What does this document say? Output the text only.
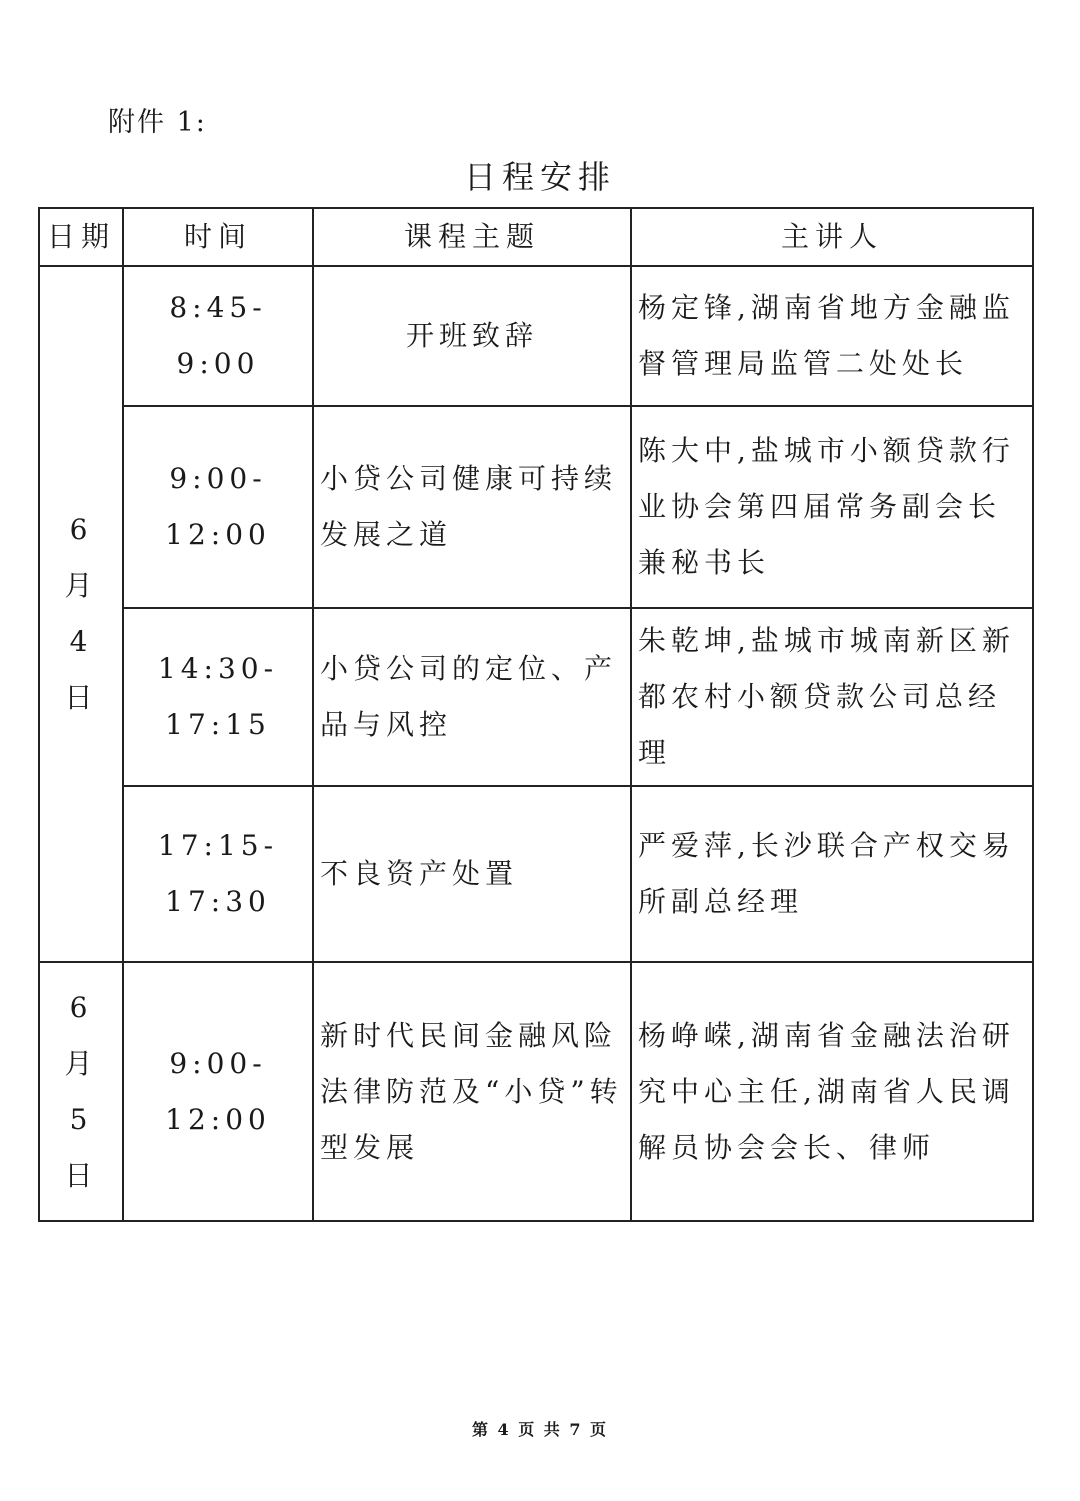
附件 1:
日程安排
日期	时间	课程主题	主讲人

6
月
4
日	8:45-9:00	开班致辞	杨定锋,湖南省地方金融监督管理局监管二处处长
	9:00-12:00	小贷公司健康可持续发展之道	陈大中,盐城市小额贷款行业协会第四届常务副会长兼秘书长
	14:30-17:15	小贷公司的定位、产品与风控	朱乾坤,盐城市城南新区新都农村小额贷款公司总经理
	17:15-17:30	不良资产处置	严爱萍,长沙联合产权交易所副总经理

6
月
5
日	9:00-12:00	新时代民间金融风险法律防范及“小贷”转型发展	杨峥嵘,湖南省金融法治研究中心主任,湖南省人民调解员协会会长、律师
第 4 页 共 7 页
